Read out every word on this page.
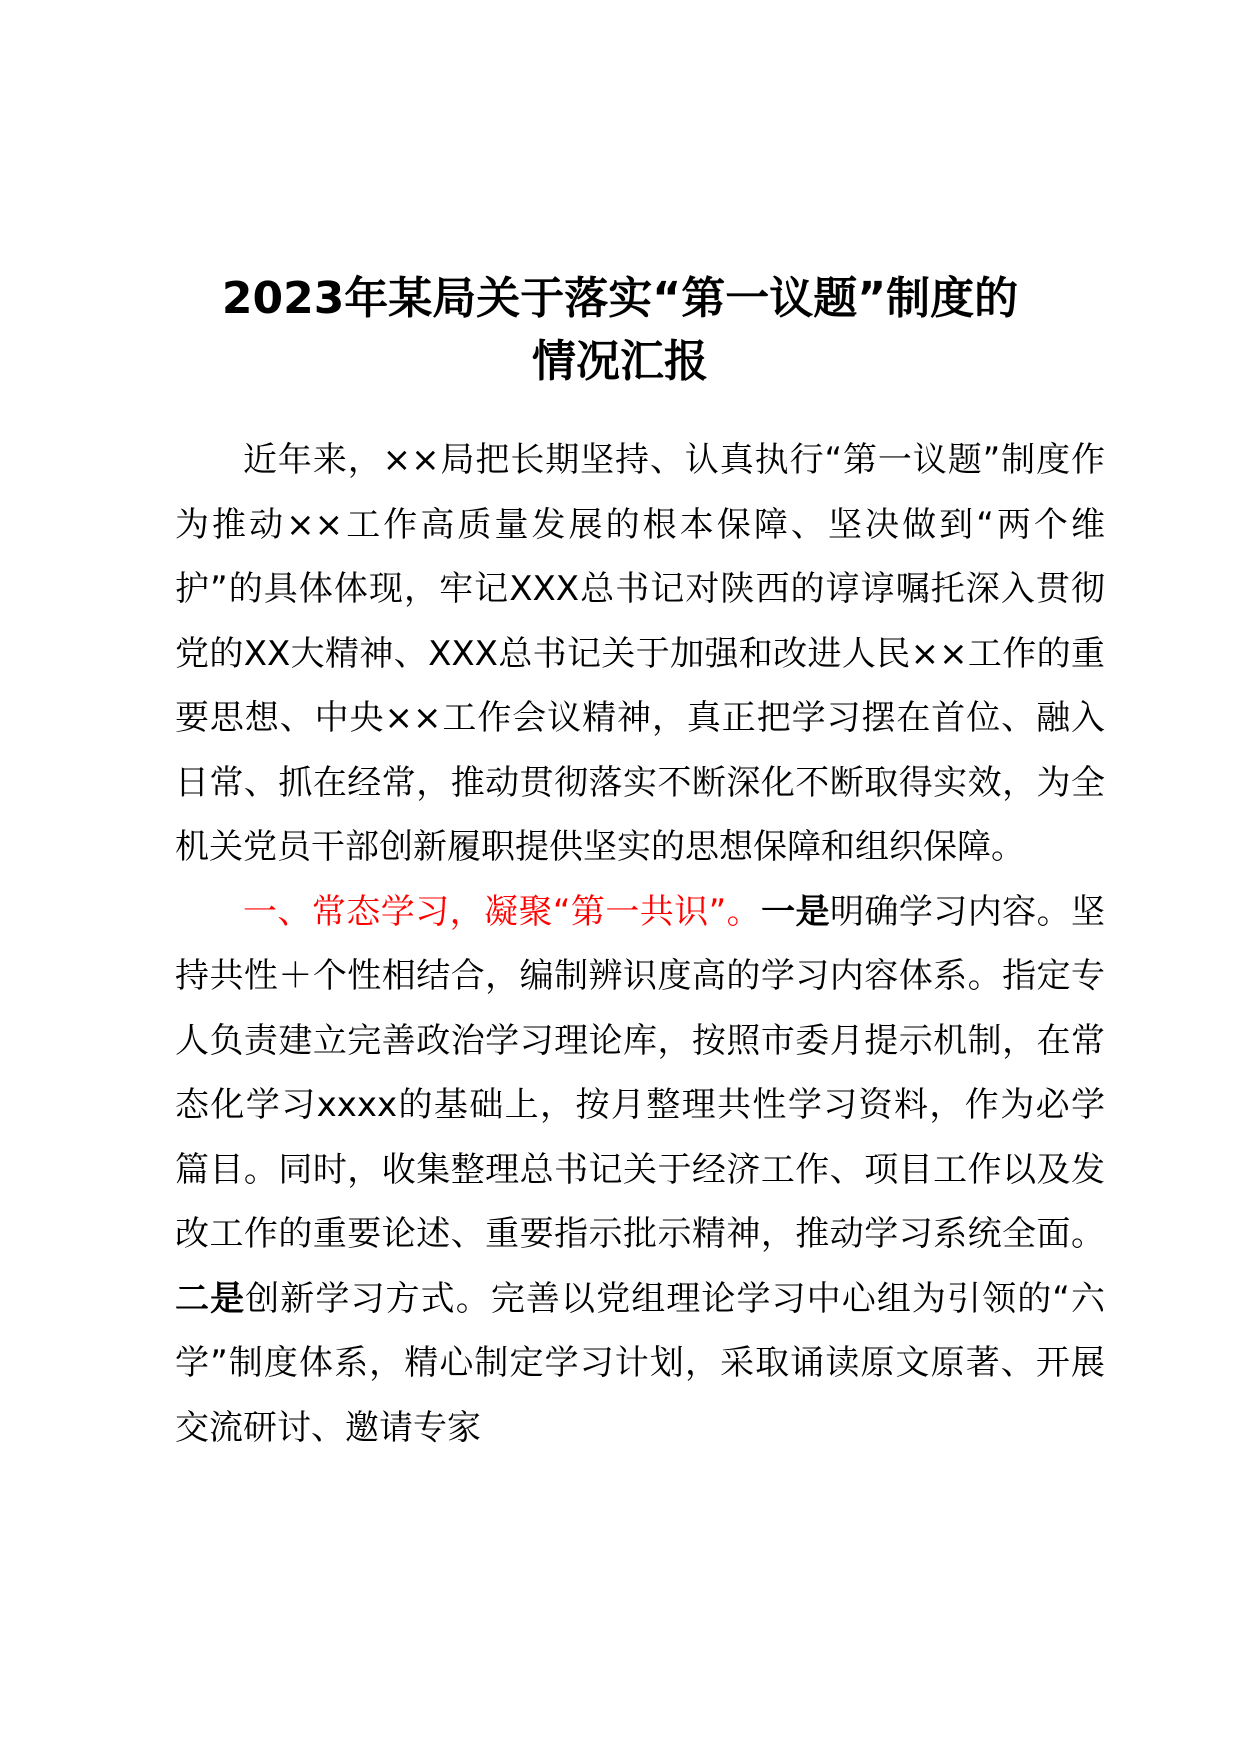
2023年某局关于落实“第一议题”制度的
情况汇报

近年来，××局把长期坚持、认真执行“第一议题”制度作为推动××工作高质量发展的根本保障、坚决做到“两个维护”的具体体现，牢记XXX总书记对陕西的谆谆嘱托深入贯彻党的XX大精神、XXX总书记关于加强和改进人民××工作的重要思想、中央××工作会议精神，真正把学习摆在首位、融入日常、抓在经常，推动贯彻落实不断深化不断取得实效，为全机关党员干部创新履职提供坚实的思想保障和组织保障。

一、常态学习，凝聚“第一共识”。一是明确学习内容。坚持共性＋个性相结合，编制辨识度高的学习内容体系。指定专人负责建立完善政治学习理论库，按照市委月提示机制，在常态化学习xxxx的基础上，按月整理共性学习资料，作为必学篇目。同时，收集整理总书记关于经济工作、项目工作以及发改工作的重要论述、重要指示批示精神，推动学习系统全面。二是创新学习方式。完善以党组理论学习中心组为引领的“六学”制度体系，精心制定学习计划，采取诵读原文原著、开展交流研讨、邀请专家
